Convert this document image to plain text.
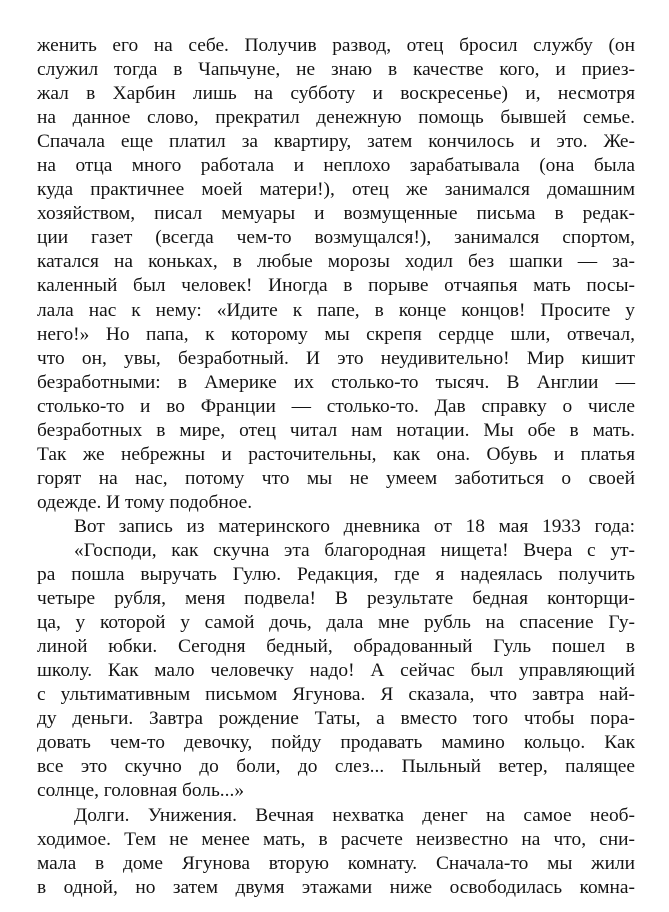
женить его на себе. Получив развод, отец бросил службу (он
служил тогда в Чапьчуне, не знаю в качестве кого, и приез-
жал в Харбин лишь на субботу и воскресенье) и, несмотря
на данное слово, прекратил денежную помощь бывшей семье.
Спачала еще платил за квартиру, затем кончилось и это. Же-
на отца много работала и неплохо зарабатывала (она была
куда практичнее моей матери!), отец же занимался домашним
хозяйством, писал мемуары и возмущенные письма в редак-
ции газет (всегда чем-то возмущался!), занимался спортом,
катался на коньках, в любые морозы ходил без шапки — за-
каленный был человек! Иногда в порыве отчаяпья мать посы-
лала нас к нему: «Идите к папе, в конце концов! Просите у
него!» Но папа, к которому мы скрепя сердце шли, отвечал,
что он, увы, безработный. И это неудивительно! Мир кишит
безработными: в Америке их столько-то тысяч. В Англии —
столько-то и во Франции — столько-то. Дав справку о числе
безработных в мире, отец читал нам нотации. Мы обе в мать.
Так же небрежны и расточительны, как она. Обувь и платья
горят на нас, потому что мы не умеем заботиться о своей
одежде. И тому подобное.
Вот запись из материнского дневника от 18 мая 1933 года:
«Господи, как скучна эта благородная нищета! Вчера с ут-
ра пошла выручать Гулю. Редакция, где я надеялась получить
четыре рубля, меня подвела! В результате бедная конторщи-
ца, у которой у самой дочь, дала мне рубль на спасение Гу-
линой юбки. Сегодня бедный, обрадованный Гуль пошел в
школу. Как мало человечку надо! А сейчас был управляющий
с ультимативным письмом Ягунова. Я сказала, что завтра най-
ду деньги. Завтра рождение Таты, а вместо того чтобы пора-
довать чем-то девочку, пойду продавать мамино кольцо. Как
все это скучно до боли, до слез... Пыльный ветер, палящее
солнце, головная боль...»
Долги. Унижения. Вечная нехватка денег на самое необ-
ходимое. Тем не менее мать, в расчете неизвестно на что, сни-
мала в доме Ягунова вторую комнату. Сначала-то мы жили
в одной, но затем двумя этажами ниже освободилась комна-
